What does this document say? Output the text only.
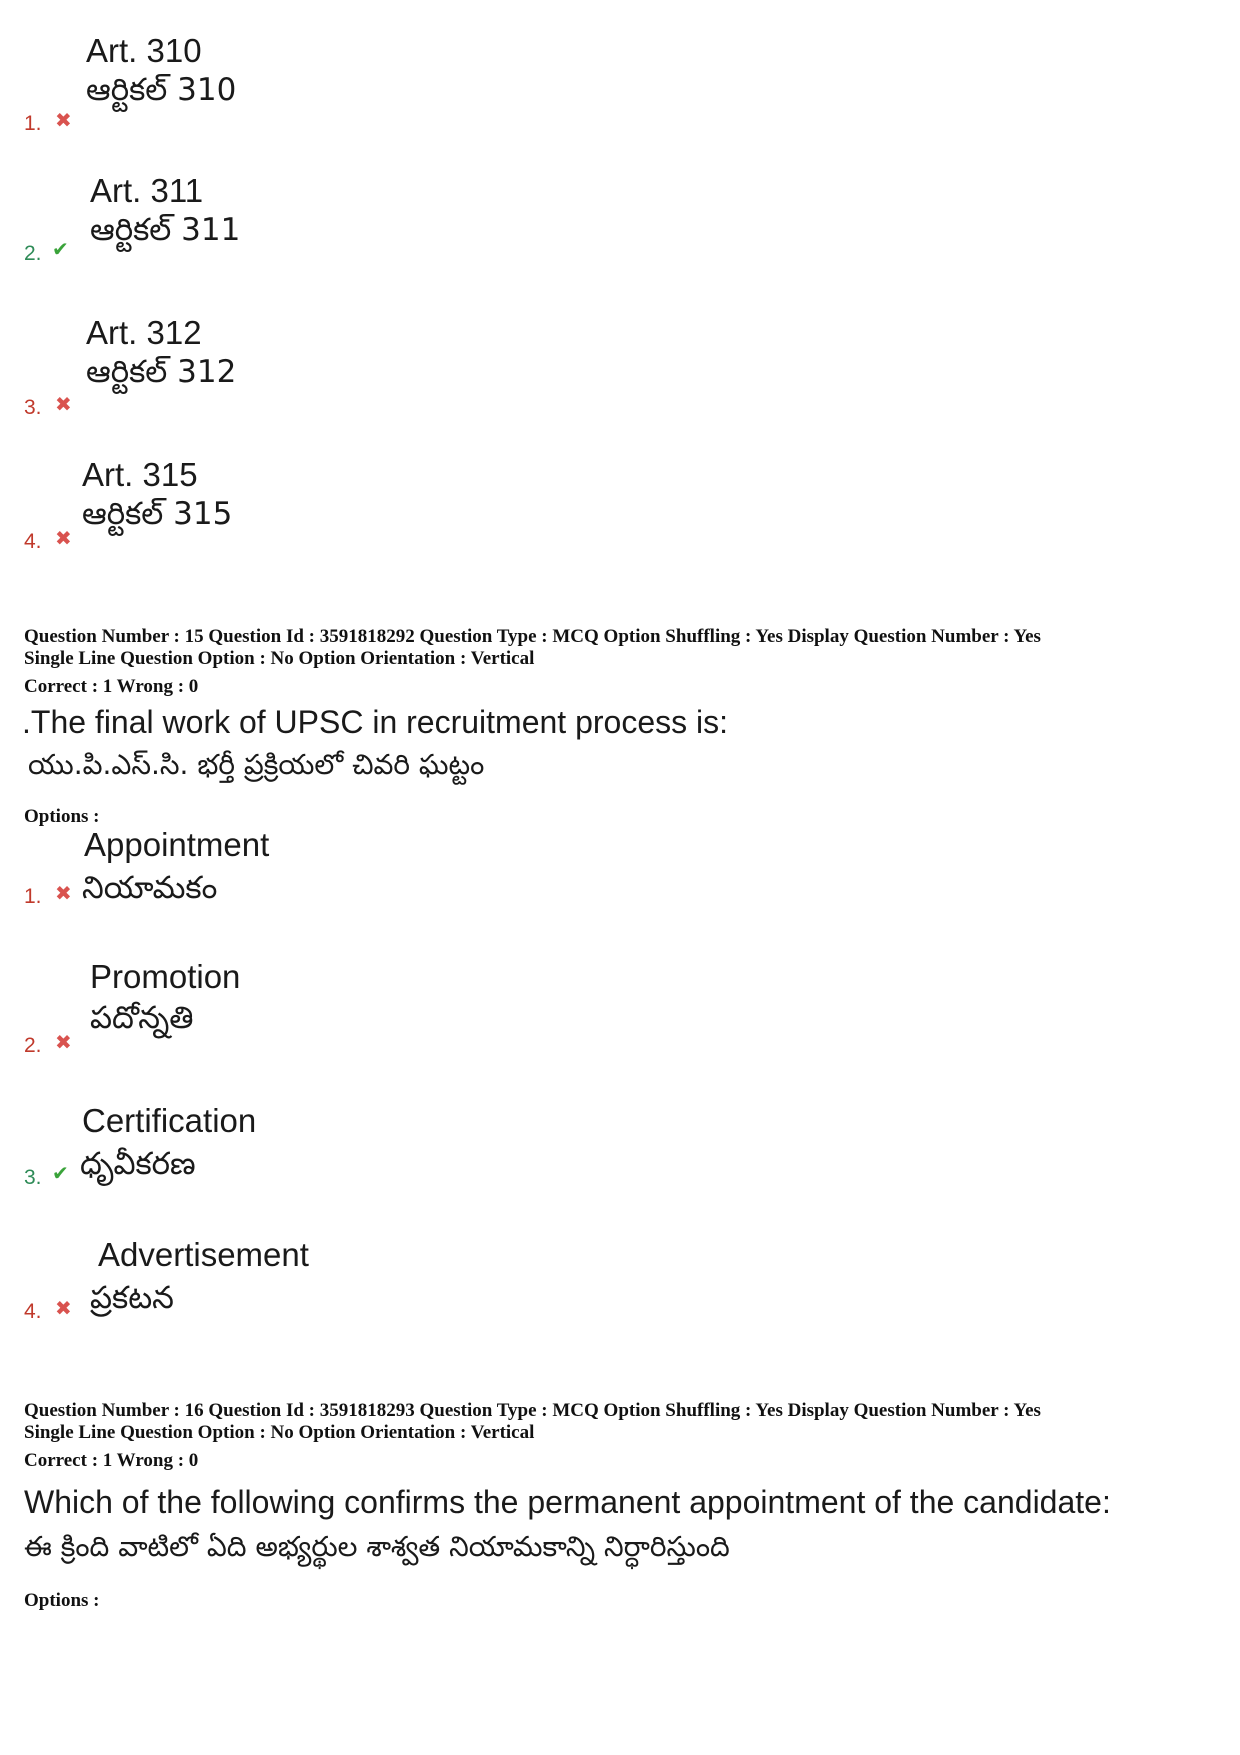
Art. 310
ఆర్టికల్ 310
1. ✖
Art. 311
ఆర్టికల్ 311
2. ✔
Art. 312
ఆర్టికల్ 312
3. ✖
Art. 315
ఆర్టికల్ 315
4. ✖
Question Number : 15 Question Id : 3591818292 Question Type : MCQ Option Shuffling : Yes Display Question Number : Yes
Single Line Question Option : No Option Orientation : Vertical
Correct : 1 Wrong : 0
.The final work of UPSC in recruitment process is:
యు.పి.ఎస్.సి. భర్తీ ప్రక్రియలో చివరి ఘట్టం
Options :
Appointment
నియామకం
1. ✖
Promotion
పదోన్నతి
2. ✖
Certification
ధృవీకరణ
3. ✔
Advertisement
ప్రకటన
4. ✖
Question Number : 16 Question Id : 3591818293 Question Type : MCQ Option Shuffling : Yes Display Question Number : Yes
Single Line Question Option : No Option Orientation : Vertical
Correct : 1 Wrong : 0
Which of the following confirms the permanent appointment of the candidate:
ఈ క్రింది వాటిలో ఏది అభ్యర్థుల శాశ్వత నియామకాన్ని నిర్ధారిస్తుంది
Options :
